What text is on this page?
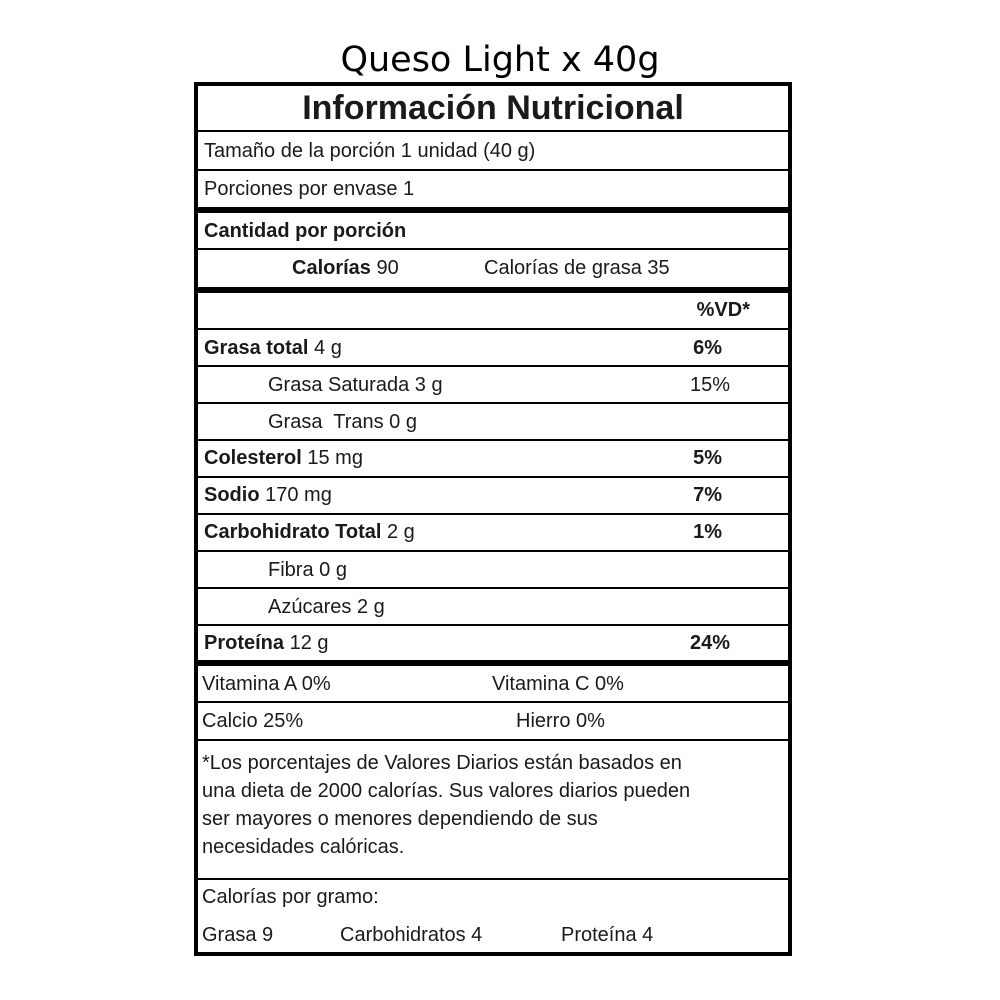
Queso Light x 40g
Información Nutricional
Tamaño de la porción 1 unidad (40 g)
Porciones por envase 1
Cantidad por porción
Calorías 90	Calorías de grasa 35
%VD*
Grasa total 4 g	6%
Grasa Saturada 3 g	15%
Grasa  Trans 0 g
Colesterol 15 mg	5%
Sodio 170 mg	7%
Carbohidrato Total 2 g	1%
Fibra 0 g
Azúcares 2 g
Proteína 12 g	24%
Vitamina A 0%	Vitamina C 0%
Calcio 25%	Hierro 0%
*Los porcentajes de Valores Diarios están basados en
una dieta de 2000 calorías. Sus valores diarios pueden
ser mayores o menores dependiendo de sus
necesidades calóricas.
Calorías por gramo:
Grasa 9	Carbohidratos 4	Proteína 4
